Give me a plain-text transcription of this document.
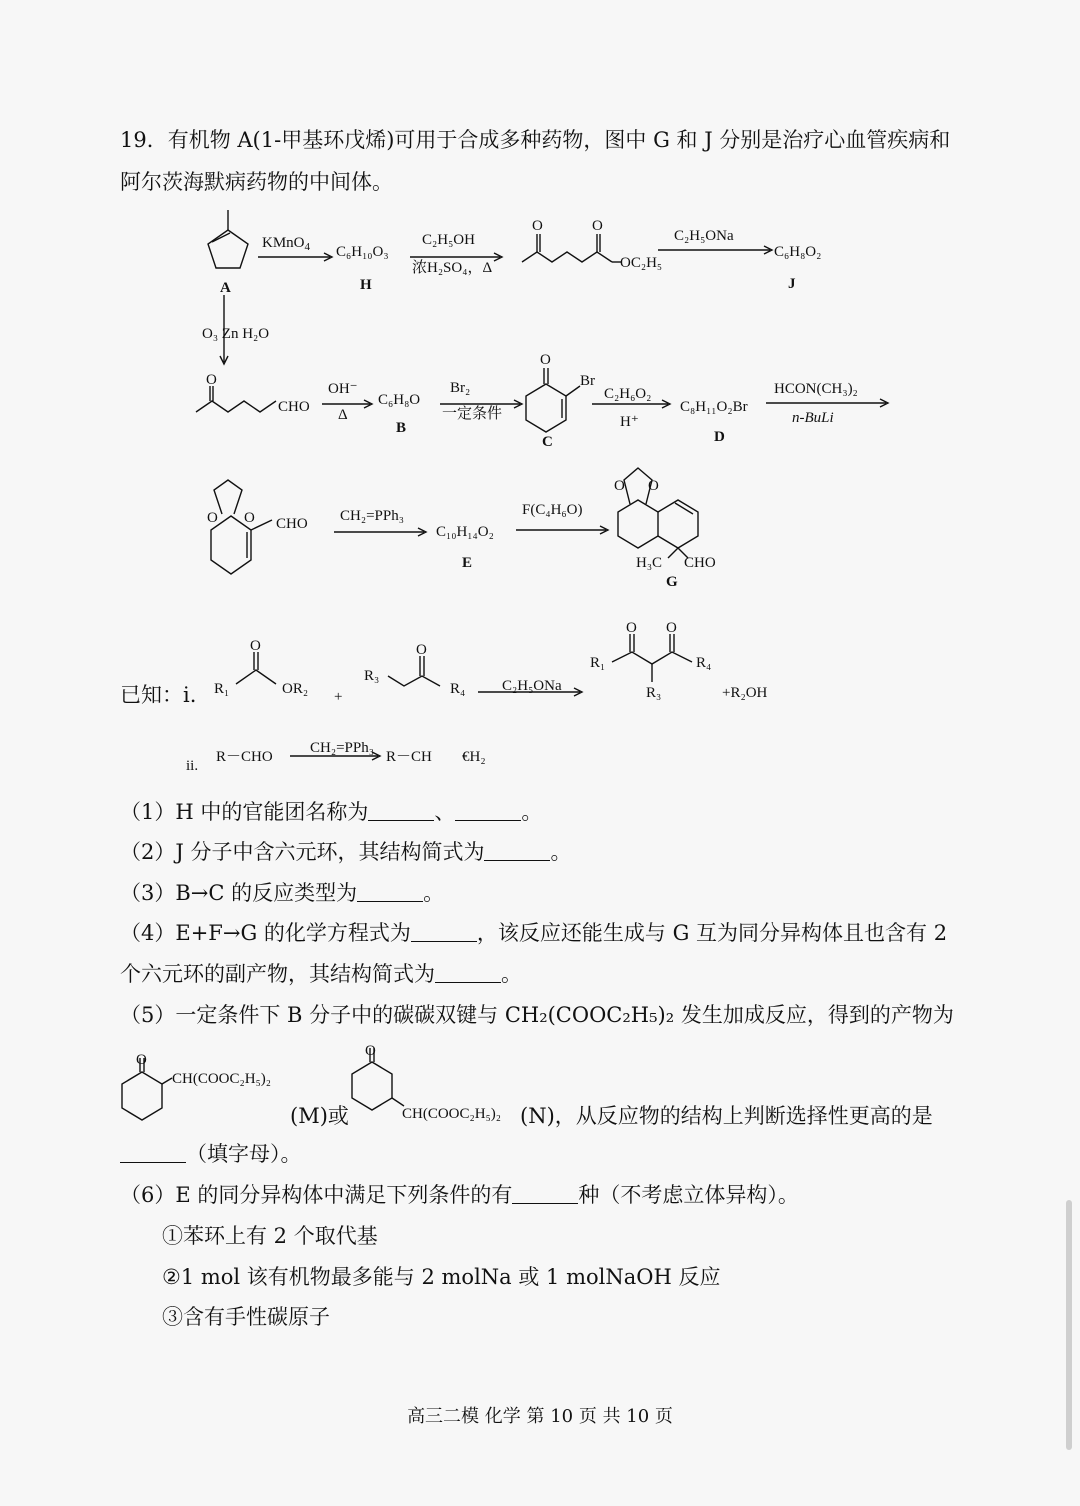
19．有机物 A(1-甲基环戊烯)可用于合成多种药物，图中 G 和 J 分别是治疗心血管疾病和
阿尔茨海默病药物的中间体。
A
KMnO$_4$ C₆H₁₀O₃
H
C₂H₅OH
浓H₂SO₄，Δ
O	O
OC₂H₅
C₂H₅ONa
C₆H₈O₂
J
O₃ Zn H₂O
O
CHO
OH⁻
Δ
C₆H₈O
B
Br₂
一定条件
O
Br
C
C₂H₆O₂
H⁺
C₈H₁₁O₂Br
D
HCON(CH₃)₂
n-BuLi
O O CHO CH₂=PPh₃
C₁₀H₁₄O₂
E
F(C₄H₆O)
O O
H₃C CHO
G
O
R₁	OR₂ +
R₃
O
R₄ C₂H₅ONa
O O
R₁	R₄
R₃	+R₂OH
ii.
R－CHO
CH₂=PPh₃
R－CH €H₂
已知：i.
（1）H 中的官能团名称为	、	。
（2）J 分子中含六元环，其结构简式为	。
（3）B→C 的反应类型为	。
（4）E+F→G 的化学方程式为	，该反应还能生成与 G 互为同分异构体且也含有 2
个六元环的副产物，其结构简式为	。
（5）一定条件下 B 分子中的碳碳双键与 CH₂(COOC₂H₅)₂ 发生加成反应，得到的产物为
O
CH(COOC₂H₅)₂
O
CH(COOC₂H₅)₂
(M)或	(N)，从反应物的结构上判断选择性更高的是
（填字母）。
（6）E 的同分异构体中满足下列条件的有	种（不考虑立体异构）。
①苯环上有 2 个取代基
②1 mol 该有机物最多能与 2 molNa 或 1 molNaOH 反应
③含有手性碳原子
高三二模 化学 第 10 页 共 10 页
